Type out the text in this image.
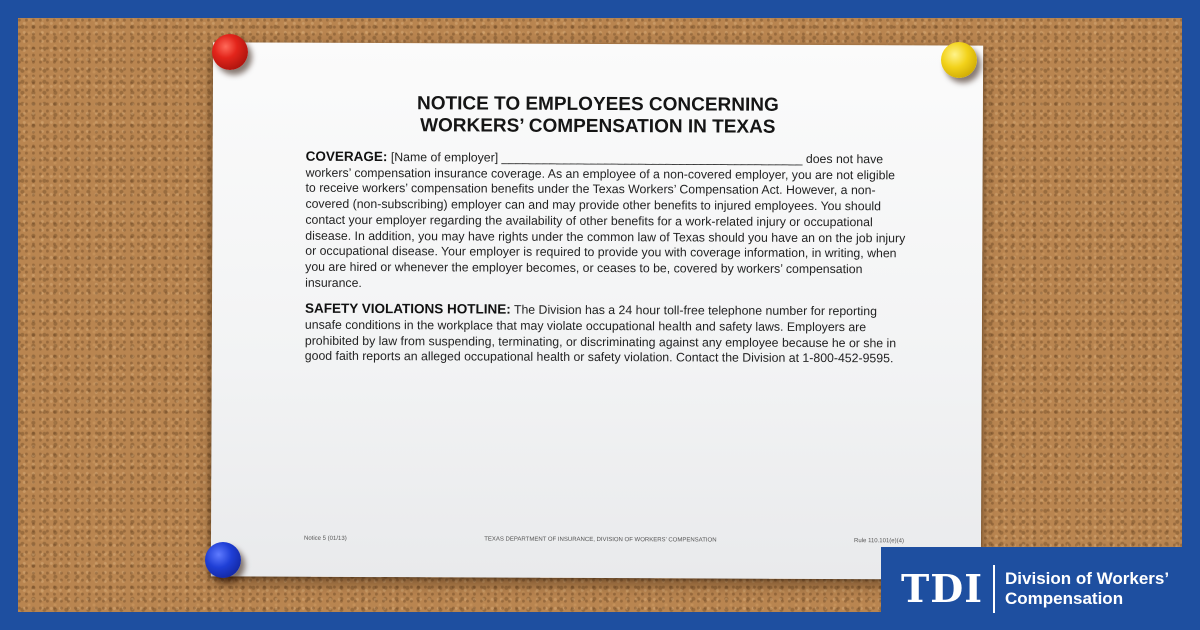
NOTICE TO EMPLOYEES CONCERNING
WORKERS’ COMPENSATION IN TEXAS

COVERAGE: [Name of employer] ____________________________________________ does not have workers’ compensation insurance coverage. As an employee of a non-covered employer, you are not eligible to receive workers’ compensation benefits under the Texas Workers’ Compensation Act. However, a non-covered (non-subscribing) employer can and may provide other benefits to injured employees. You should contact your employer regarding the availability of other benefits for a work-related injury or occupational disease. In addition, you may have rights under the common law of Texas should you have an on the job injury or occupational disease. Your employer is required to provide you with coverage information, in writing, when you are hired or whenever the employer becomes, or ceases to be, covered by workers’ compensation insurance.

SAFETY VIOLATIONS HOTLINE: The Division has a 24 hour toll-free telephone number for reporting unsafe conditions in the workplace that may violate occupational health and safety laws. Employers are prohibited by law from suspending, terminating, or discriminating against any employee because he or she in good faith reports an alleged occupational health or safety violation. Contact the Division at 1-800-452-9595.

Notice 5 (01/13)	TEXAS DEPARTMENT OF INSURANCE, DIVISION OF WORKERS’ COMPENSATION	Rule 110.101(e)(4)
TDI Division of Workers’
Compensation
